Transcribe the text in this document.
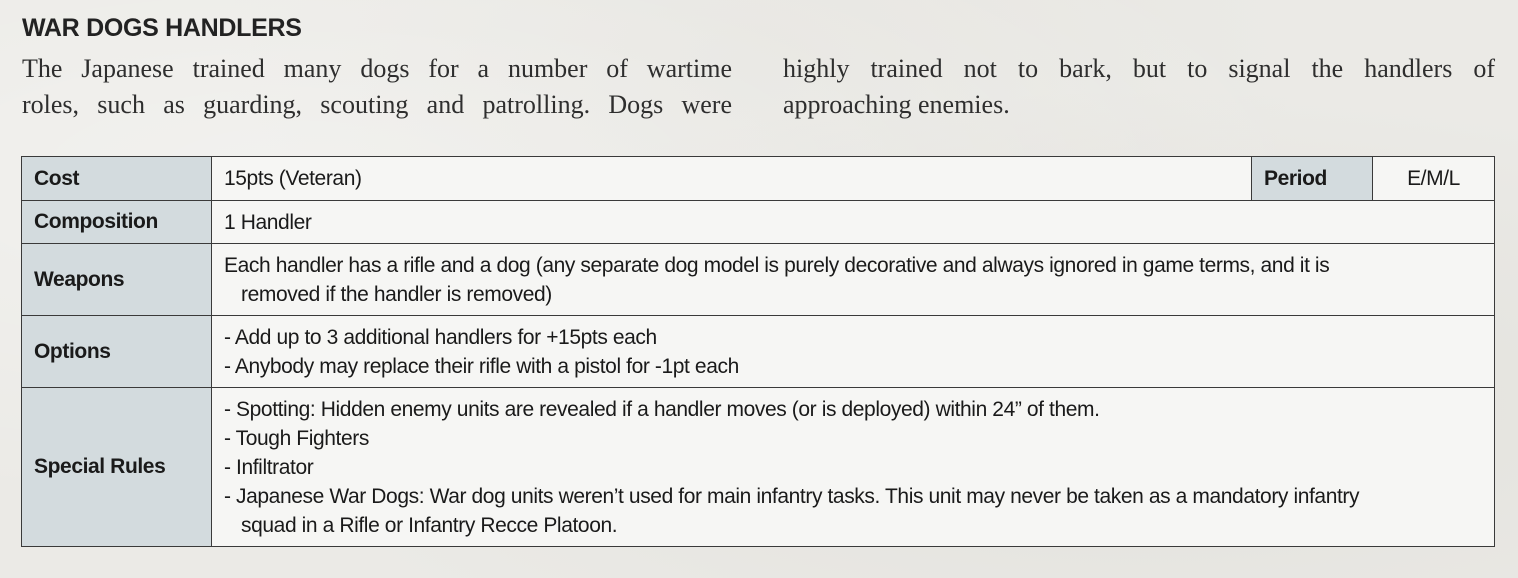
WAR DOGS HANDLERS

The Japanese trained many dogs for a number of wartime
roles, such as guarding, scouting and patrolling. Dogs were

highly trained not to bark, but to signal the handlers of
approaching enemies.

Cost	15pts (Veteran)	Period	E/M/L
Composition	1 Handler		
Weapons	Each handler has a rifle and a dog (any separate dog model is purely decorative and always ignored in game terms, and it is
removed if the handler is removed)		

Options	- Add up to 3 additional handlers for +15pts each
- Anybody may replace their rifle with a pistol for -1pt each		

Special Rules	- Spotting: Hidden enemy units are revealed if a handler moves (or is deployed) within 24” of them.
- Tough Fighters
- Infiltrator
- Japanese War Dogs: War dog units weren’t used for main infantry tasks. This unit may never be taken as a mandatory infantry
squad in a Rifle or Infantry Recce Platoon.		
